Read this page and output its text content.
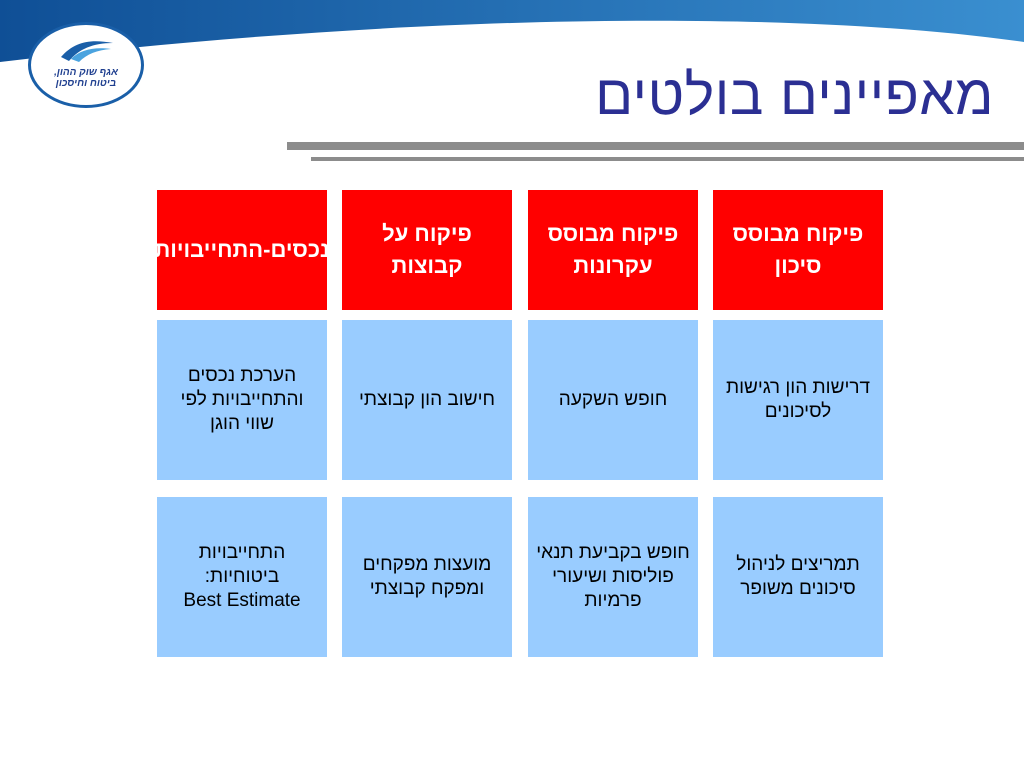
אגף שוק ההון,
ביטוח וחיסכון	מאפיינים בולטים
פיקוח מבוסס סיכון
דרישות הון רגישות לסיכונים
תמריצים לניהול סיכונים משופר
פיקוח מבוסס עקרונות
חופש השקעה
חופש בקביעת תנאי פוליסות ושיעורי פרמיות
פיקוח על קבוצות
חישוב הון קבוצתי
מועצות מפקחים ומפקח קבוצתי
נכסים-התחייבויות
הערכת נכסים והתחייבויות לפי שווי הוגן
התחייבויות ביטוחיות:
Best Estimate
